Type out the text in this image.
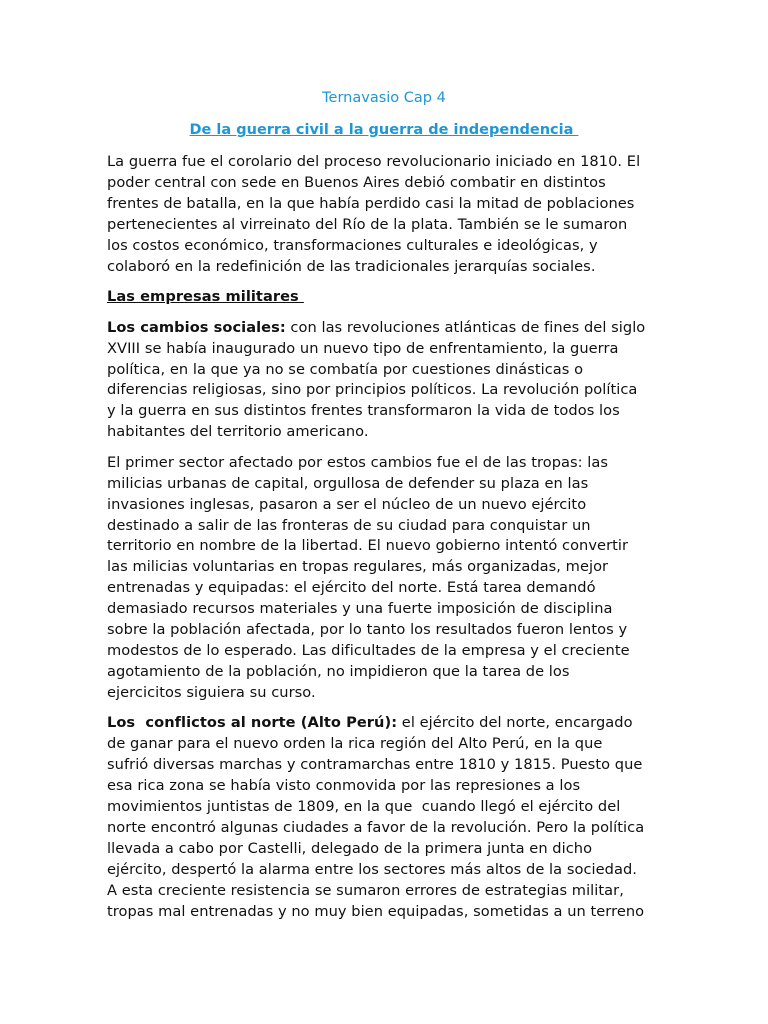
Ternavasio Cap 4
De la guerra civil a la guerra de independencia

La guerra fue el corolario del proceso revolucionario iniciado en 1810. El
poder central con sede en Buenos Aires debió combatir en distintos
frentes de batalla, en la que había perdido casi la mitad de poblaciones
pertenecientes al virreinato del Río de la plata. También se le sumaron
los costos económico, transformaciones culturales e ideológicas, y
colaboró en la redefinición de las tradicionales jerarquías sociales.

Las empresas militares

Los cambios sociales: con las revoluciones atlánticas de fines del siglo
XVIII se había inaugurado un nuevo tipo de enfrentamiento, la guerra
política, en la que ya no se combatía por cuestiones dinásticas o
diferencias religiosas, sino por principios políticos. La revolución política
y la guerra en sus distintos frentes transformaron la vida de todos los
habitantes del territorio americano.

El primer sector afectado por estos cambios fue el de las tropas: las
milicias urbanas de capital, orgullosa de defender su plaza en las
invasiones inglesas, pasaron a ser el núcleo de un nuevo ejército
destinado a salir de las fronteras de su ciudad para conquistar un
territorio en nombre de la libertad. El nuevo gobierno intentó convertir
las milicias voluntarias en tropas regulares, más organizadas, mejor
entrenadas y equipadas: el ejército del norte. Está tarea demandó
demasiado recursos materiales y una fuerte imposición de disciplina
sobre la población afectada, por lo tanto los resultados fueron lentos y
modestos de lo esperado. Las dificultades de la empresa y el creciente
agotamiento de la población, no impidieron que la tarea de los
ejercicitos siguiera su curso.

Los  conflictos al norte (Alto Perú): el ejército del norte, encargado
de ganar para el nuevo orden la rica región del Alto Perú, en la que
sufrió diversas marchas y contramarchas entre 1810 y 1815. Puesto que
esa rica zona se había visto conmovida por las represiones a los
movimientos juntistas de 1809, en la que  cuando llegó el ejército del
norte encontró algunas ciudades a favor de la revolución. Pero la política
llevada a cabo por Castelli, delegado de la primera junta en dicho
ejército, despertó la alarma entre los sectores más altos de la sociedad.
A esta creciente resistencia se sumaron errores de estrategias militar,
tropas mal entrenadas y no muy bien equipadas, sometidas a un terreno
